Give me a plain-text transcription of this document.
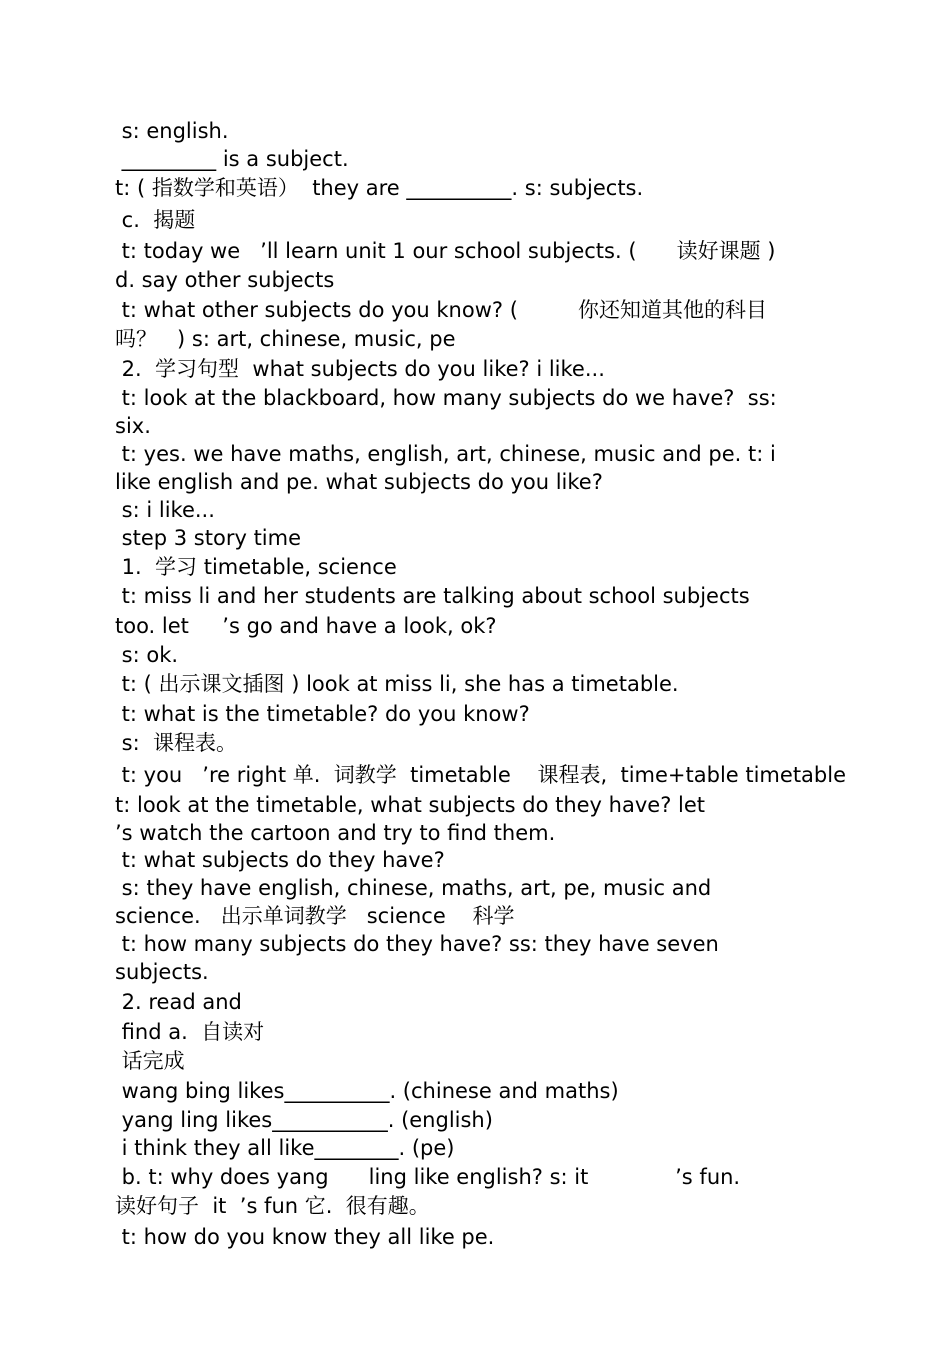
s: english.
_________ is a subject.
t: ( 指数学和英语）  they are __________. s: subjects.
c.  揭题
t: today we   ’ll learn unit 1 our school subjects. (      读好课题 )
d. say other subjects
t: what other subjects do you know? (         你还知道其他的科目
吗？   ) s: art, chinese, music, pe
2.  学习句型  what subjects do you like? i like...
t: look at the blackboard, how many subjects do we have?  ss:
six.
t: yes. we have maths, english, art, chinese, music and pe. t: i
like english and pe. what subjects do you like?
s: i like...
step 3 story time
1.  学习 timetable, science
t: miss li and her students are talking about school subjects
too. let     ’s go and have a look, ok?
s: ok.
t: ( 出示课文插图 ) look at miss li, she has a timetable.
t: what is the timetable? do you know?
s:  课程表。
t: you   ’re right 单.  词教学  timetable    课程表,  time+table timetable
t: look at the timetable, what subjects do they have? let
’s watch the cartoon and try to find them.
t: what subjects do they have?
s: they have english, chinese, maths, art, pe, music and
science.   出示单词教学   science    科学
t: how many subjects do they have? ss: they have seven
subjects.
2. read and
find a.  自读对
话完成
wang bing likes__________. (chinese and maths)
yang ling likes___________. (english)
i think they all like________. (pe)
b. t: why does yang      ling like english? s: it             ’s fun.
读好句子  it  ’s fun 它.  很有趣。
t: how do you know they all like pe.
